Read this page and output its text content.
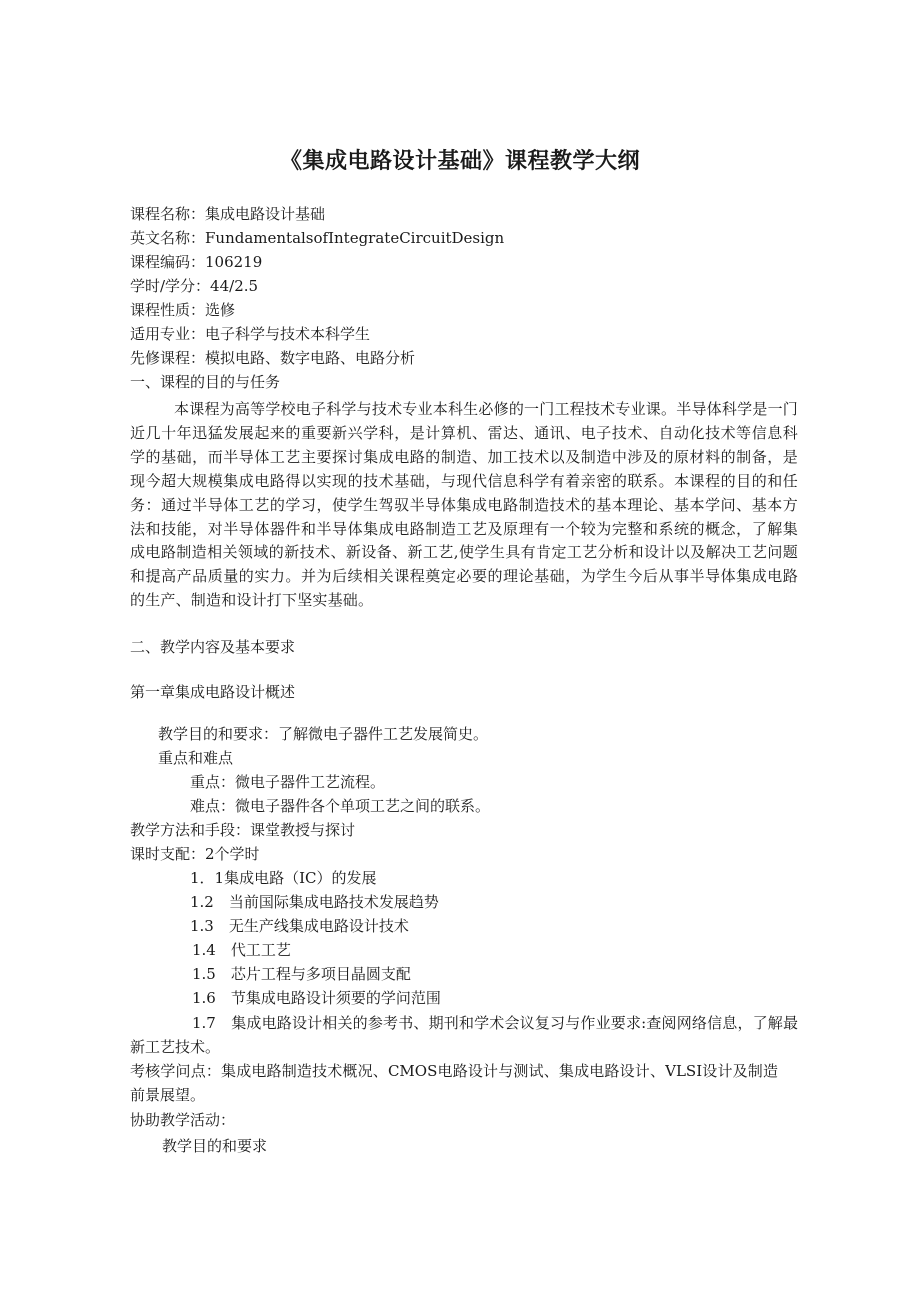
《集成电路设计基础》课程教学大纲
课程名称：集成电路设计基础
英文名称：FundamentalsofIntegrateCircuitDesign
课程编码：106219
学时/学分：44/2.5
课程性质：选修
适用专业：电子科学与技术本科学生
先修课程：模拟电路、数字电路、电路分析
一、课程的目的与任务
本课程为高等学校电子科学与技术专业本科生必修的一门工程技术专业课。半导体科学是一门近几十年迅猛发展起来的重要新兴学科，是计算机、雷达、通讯、电子技术、自动化技术等信息科学的基础，而半导体工艺主要探讨集成电路的制造、加工技术以及制造中涉及的原材料的制备，是现今超大规模集成电路得以实现的技术基础，与现代信息科学有着亲密的联系。本课程的目的和任务：通过半导体工艺的学习，使学生驾驭半导体集成电路制造技术的基本理论、基本学问、基本方法和技能，对半导体器件和半导体集成电路制造工艺及原理有一个较为完整和系统的概念，了解集成电路制造相关领域的新技术、新设备、新工艺,使学生具有肯定工艺分析和设计以及解决工艺问题和提高产品质量的实力。并为后续相关课程奠定必要的理论基础，为学生今后从事半导体集成电路的生产、制造和设计打下坚实基础。
二、教学内容及基本要求
第一章集成电路设计概述
教学目的和要求：了解微电子器件工艺发展简史。
重点和难点
重点：微电子器件工艺流程。
难点：微电子器件各个单项工艺之间的联系。
教学方法和手段：课堂教授与探讨
课时支配：2个学时
1．1集成电路（IC）的发展
1.2　当前国际集成电路技术发展趋势
1.3　无生产线集成电路设计技术
1.4　代工工艺
1.5　芯片工程与多项目晶圆支配
1.6　节集成电路设计须要的学问范围
1.7　集成电路设计相关的参考书、期刊和学术会议复习与作业要求:查阅网络信息，了解最新工艺技术。
考核学问点：集成电路制造技术概况、CMOS电路设计与测试、集成电路设计、VLSI设计及制造前景展望。
协助教学活动：
教学目的和要求
